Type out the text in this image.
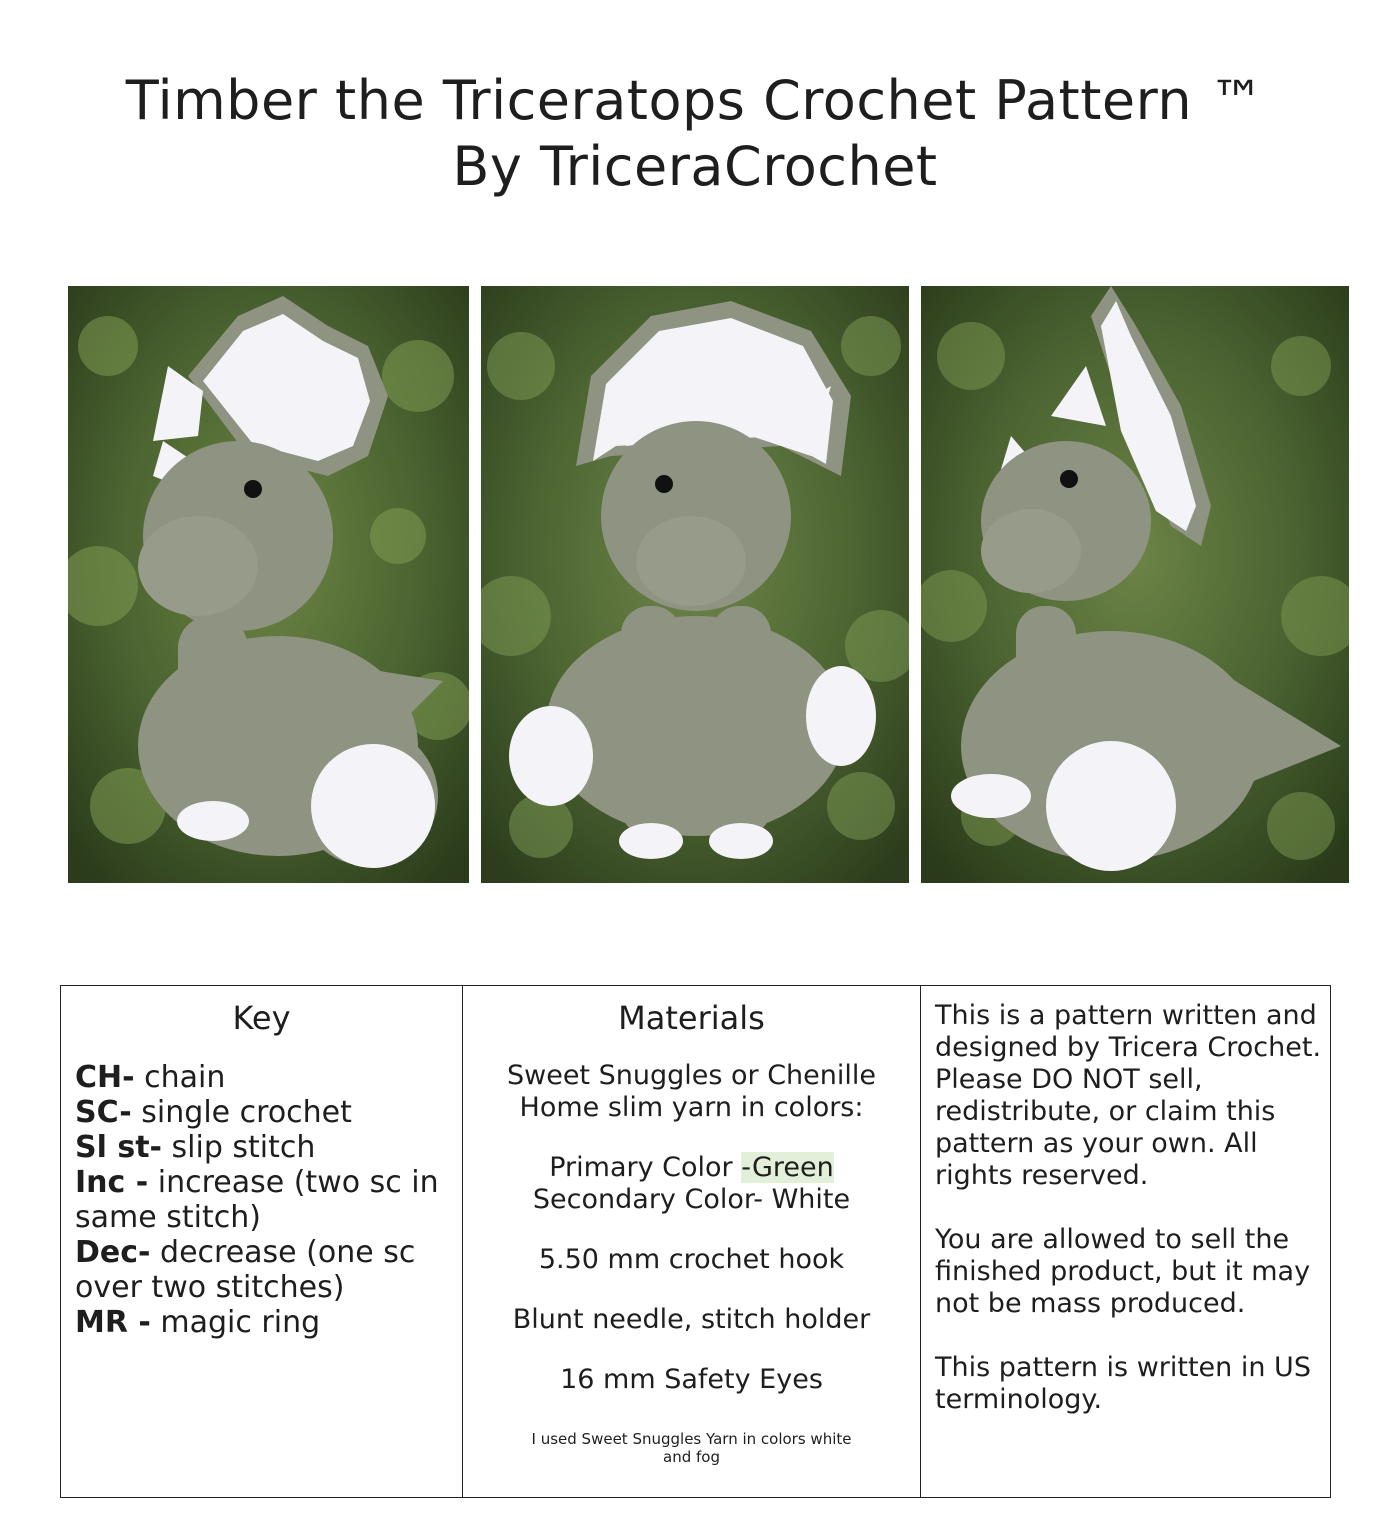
Timber the Triceratops Crochet Pattern ™
By TriceraCrochet
Key
CH- chain
SC- single crochet
Sl st- slip stitch
Inc - increase (two sc in same stitch)
Dec- decrease (one sc over two stitches)
MR - magic ring

Materials
Sweet Snuggles or Chenille
Home slim yarn in colors:
Primary Color -Green
Secondary Color- White
5.50 mm crochet hook
Blunt needle, stitch holder
16 mm Safety Eyes
I used Sweet Snuggles Yarn in colors white
and fog

This is a pattern written and designed by Tricera Crochet. Please DO NOT sell, redistribute, or claim this pattern as your own. All rights reserved.

You are allowed to sell the finished product, but it may not be mass produced.

This pattern is written in US terminology.
